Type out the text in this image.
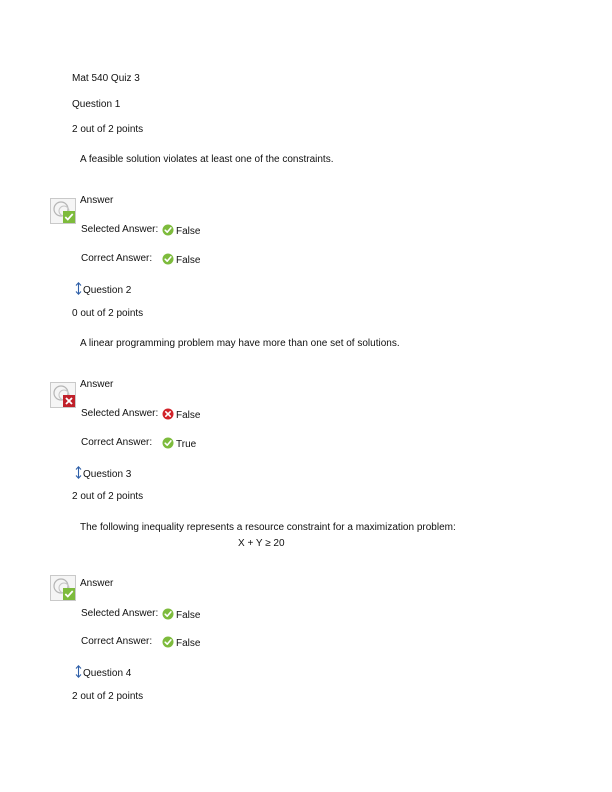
Mat 540 Quiz 3
Question 1
2 out of 2 points
A feasible solution violates at least one of the constraints.
Answer
Selected Answer:	False
Correct Answer:	False
Question 2
0 out of 2 points
A linear programming problem may have more than one set of solutions.
Answer
Selected Answer:	False
Correct Answer:	True
Question 3
2 out of 2 points
The following inequality represents a resource constraint for a maximization problem:
X + Y ≥ 20
Answer
Selected Answer:	False
Correct Answer:	False
Question 4
2 out of 2 points
